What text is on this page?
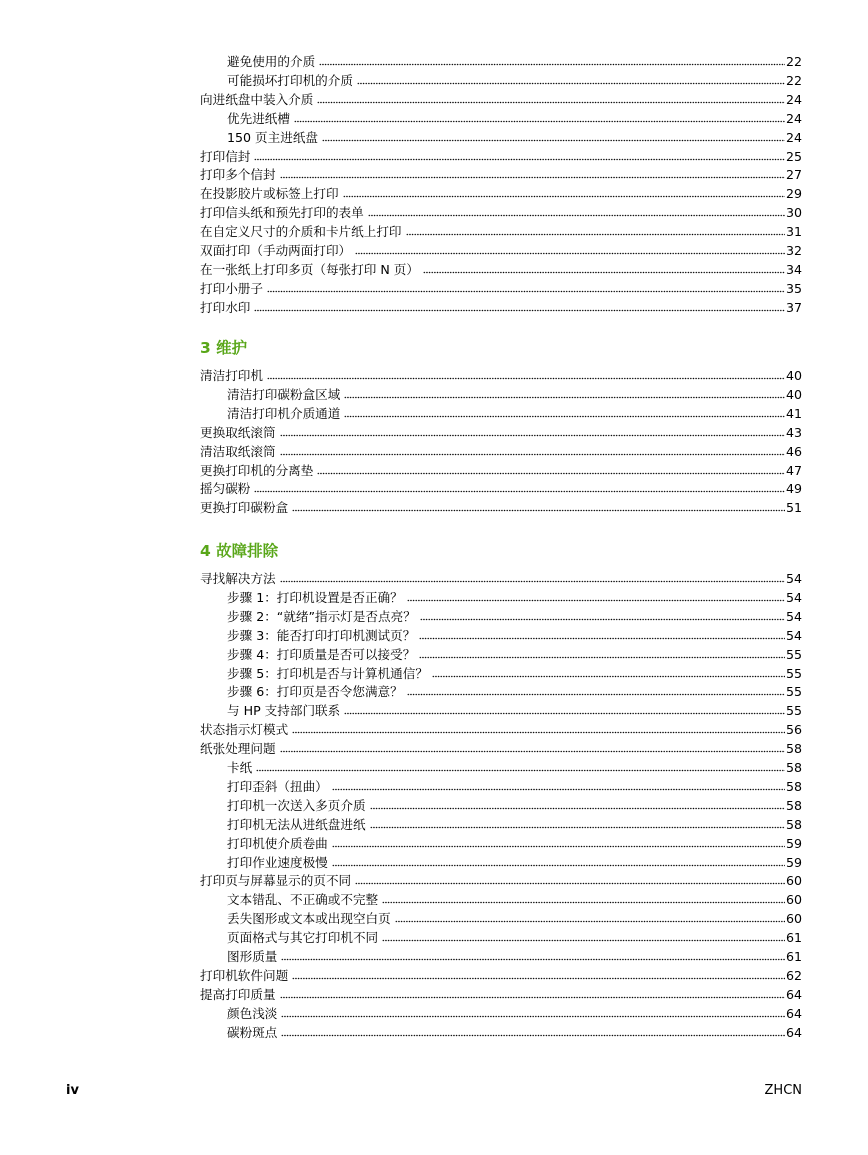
3 维护
4 故障排除
避免使用的介质	22
可能损坏打印机的介质	22
向进纸盘中装入介质	24
优先进纸槽	24
150 页主进纸盘	24
打印信封	25
打印多个信封	27
在投影胶片或标签上打印	29
打印信头纸和预先打印的表单	30
在自定义尺寸的介质和卡片纸上打印	31
双面打印（手动两面打印）	32
在一张纸上打印多页（每张打印 N 页）	34
打印小册子	35
打印水印	37
清洁打印机	40
清洁打印碳粉盒区域	40
清洁打印机介质通道	41
更换取纸滚筒	43
清洁取纸滚筒	46
更换打印机的分离垫	47
摇匀碳粉	49
更换打印碳粉盒	51
寻找解决方法	54
步骤 1：打印机设置是否正确？	54
步骤 2：“就绪”指示灯是否点亮？	54
步骤 3：能否打印打印机测试页？	54
步骤 4：打印质量是否可以接受？	55
步骤 5：打印机是否与计算机通信？	55
步骤 6：打印页是否令您满意？	55
与 HP 支持部门联系	55
状态指示灯模式	56
纸张处理问题	58
卡纸	58
打印歪斜（扭曲）	58
打印机一次送入多页介质	58
打印机无法从进纸盘进纸	58
打印机使介质卷曲	59
打印作业速度极慢	59
打印页与屏幕显示的页不同	60
文本错乱、不正确或不完整	60
丢失图形或文本或出现空白页	60
页面格式与其它打印机不同	61
图形质量	61
打印机软件问题	62
提高打印质量	64
颜色浅淡	64
碳粉斑点	64
iv	ZHCN
